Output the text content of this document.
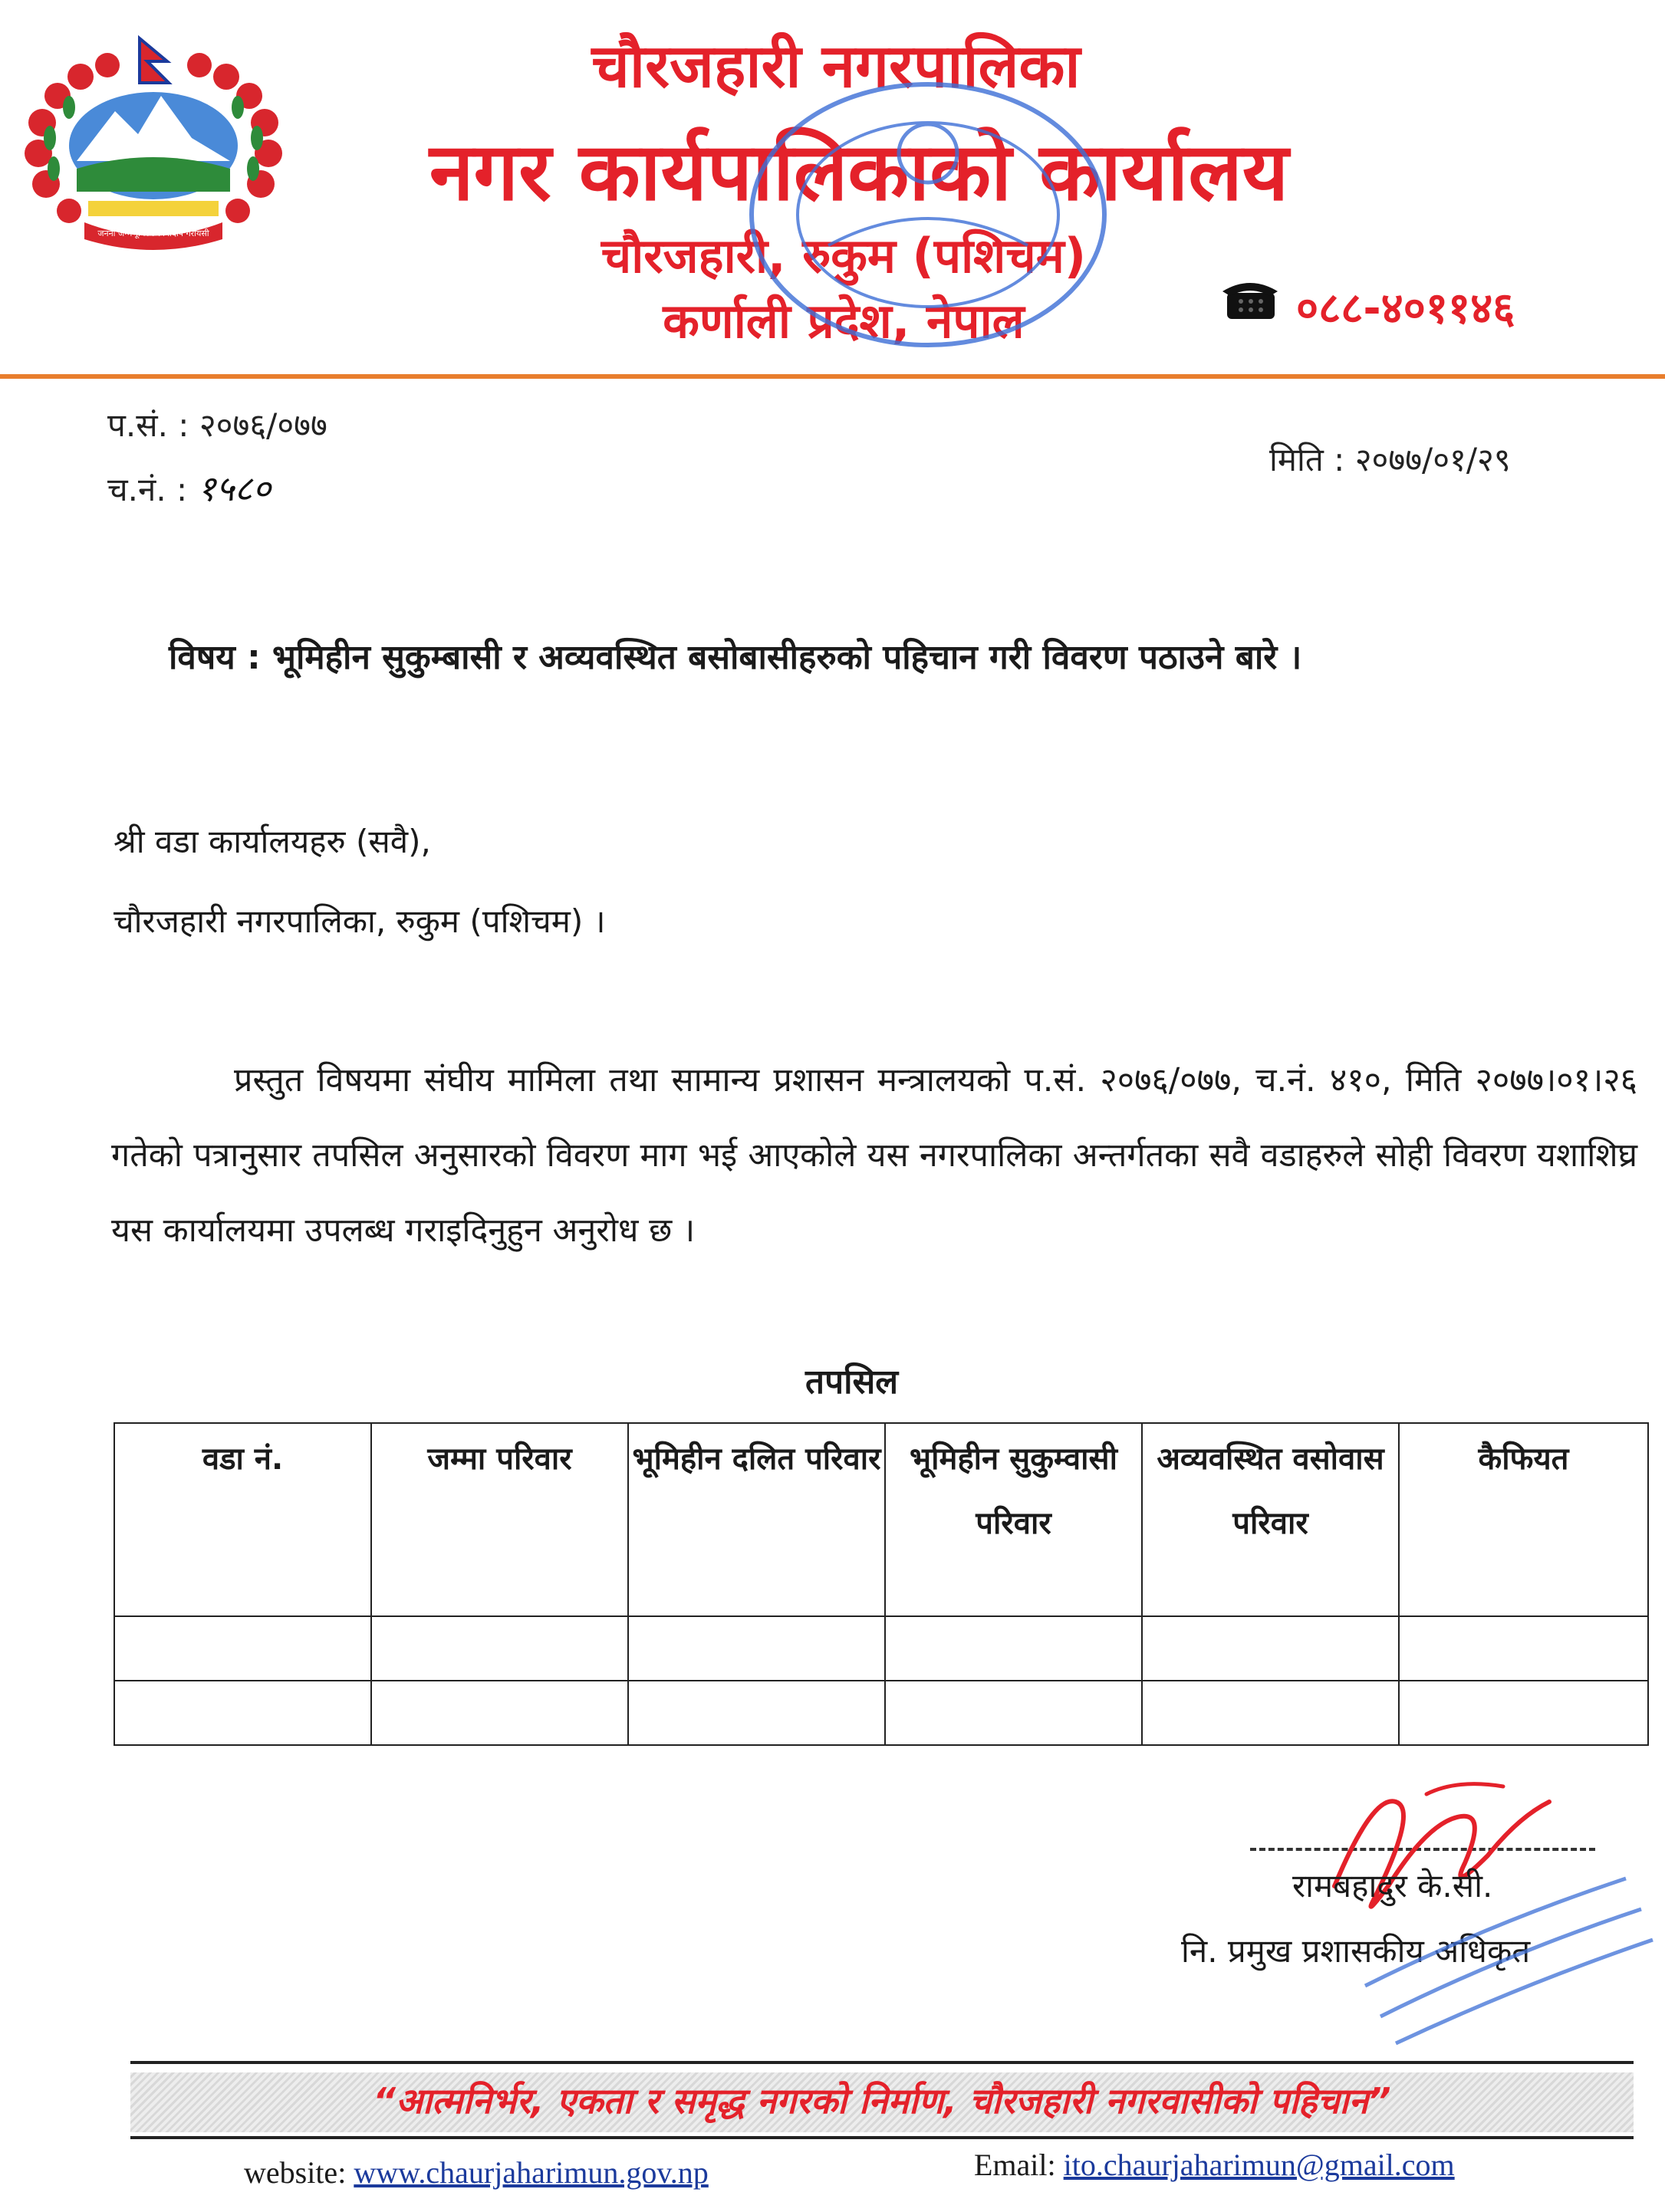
जननी जन्मभूमिश्च स्वर्गादपि गरीयसी
चौरजहारी नगरपालिका
नगर कार्यपालिकाको कार्यालय
चौरजहारी, रुकुम (पशिचम)
कर्णाली प्रदेश, नेपाल	०८८-४०११४६
प.सं. : २०७६/०७७
च.नं. : १५८०
मिति : २०७७/०१/२९
विषय : भूमिहीन सुकुम्बासी र अव्यवस्थित बसोबासीहरुको पहिचान गरी विवरण पठाउने बारे ।
श्री वडा कार्यालयहरु (सवै),
चौरजहारी नगरपालिका, रुकुम (पशिचम) ।
प्रस्तुत विषयमा संघीय मामिला तथा सामान्य प्रशासन मन्त्रालयको प.सं. २०७६/०७७, च.नं. ४१०, मिति २०७७।०१।२६ गतेको पत्रानुसार तपसिल अनुसारको विवरण माग भई आएकोले यस नगरपालिका अन्तर्गतका सवै वडाहरुले सोही विवरण यशाशिघ्र यस कार्यालयमा उपलब्ध गराइदिनुहुन अनुरोध छ ।
तपसिल
वडा नं.	जम्मा परिवार	भूमिहीन दलित परिवार	भूमिहीन सुकुम्वासी परिवार	अव्यवस्थित वसोवास परिवार	कैफियत

रामबहादुर के.सी.
नि. प्रमुख प्रशासकीय अधिकृत
“आत्मनिर्भर, एकता र समृद्ध नगरको निर्माण, चौरजहारी नगरवासीको पहिचान”
website: www.chaurjaharimun.gov.np	Email: ito.chaurjaharimun@gmail.com
